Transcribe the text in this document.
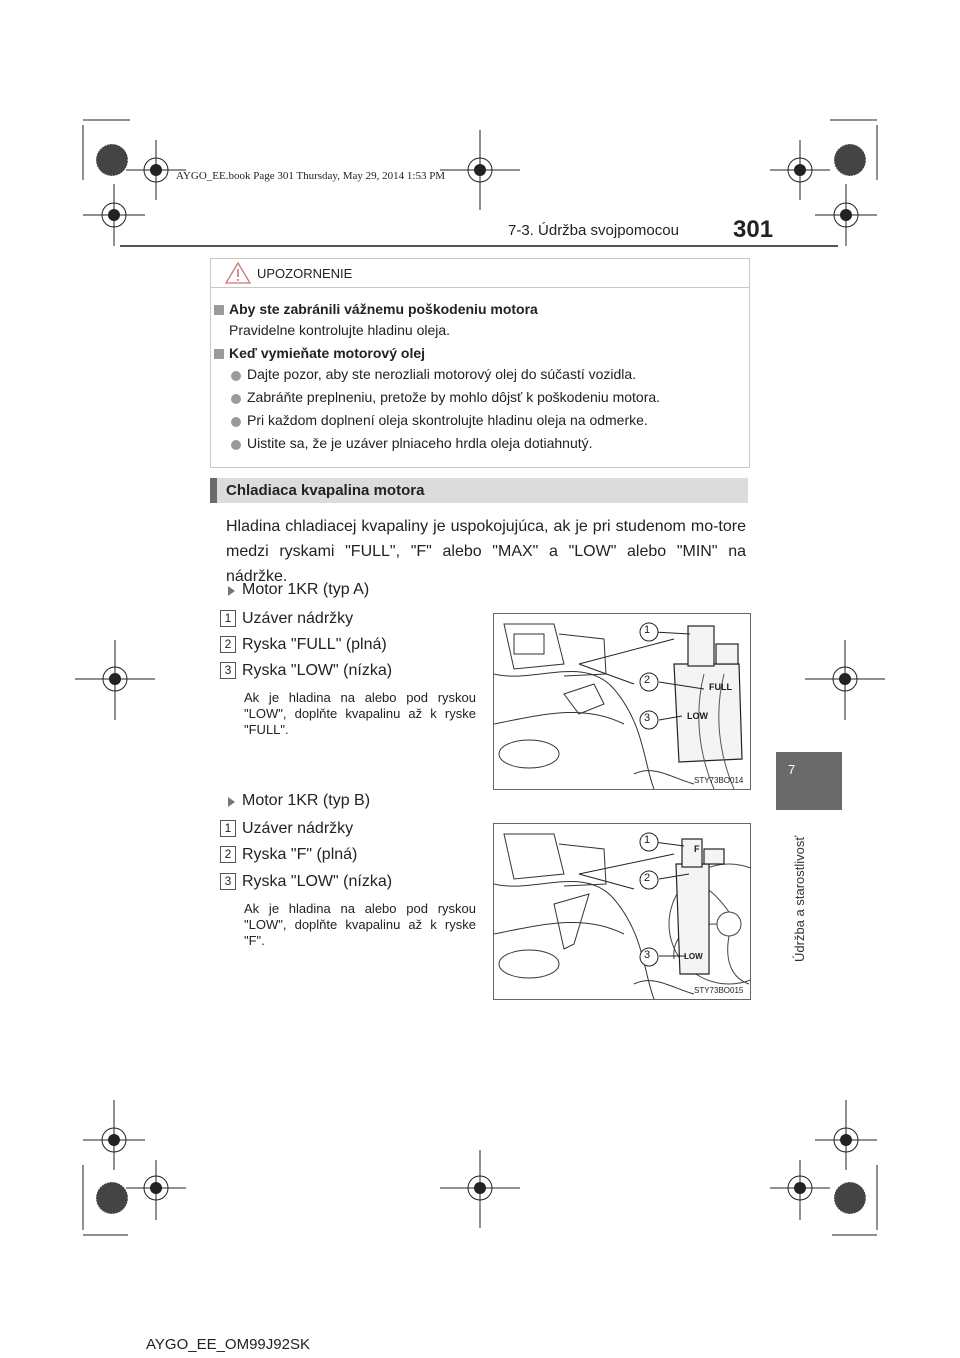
AYGO_EE.book Page 301 Thursday, May 29, 2014 1:53 PM
7-3. Údržba svojpomocou 301
7
Údržba a starostlivosť
UPOZORNENIE
Aby ste zabránili vážnemu poškodeniu motora
Pravidelne kontrolujte hladinu oleja.
Keď vymieňate motorový olej
Dajte pozor, aby ste nerozliali motorový olej do súčastí vozidla.
Zabráňte preplneniu, pretože by mohlo dôjsť k poškodeniu motora.
Pri každom doplnení oleja skontrolujte hladinu oleja na odmerke.
Uistite sa, že je uzáver plniaceho hrdla oleja dotiahnutý.
Chladiaca kvapalina motora
Hladina chladiacej kvapaliny je uspokojujúca, ak je pri studenom mo-tore medzi ryskami "FULL", "F" alebo "MAX" a "LOW" alebo "MIN" na nádržke.
Motor 1KR (typ A)
1 Uzáver nádržky
2 Ryska "FULL" (plná)
3 Ryska "LOW" (nízka)
Ak je hladina na alebo pod ryskou "LOW", doplňte kvapalinu až k ryske "FULL".
1
2
3
FULL
LOW
STY73BO014
Motor 1KR (typ B)
1 Uzáver nádržky
2 Ryska "F" (plná)
3 Ryska "LOW" (nízka)
Ak je hladina na alebo pod ryskou "LOW", doplňte kvapalinu až k ryske "F".
1
2
3
F
LOW
STY73BO015
AYGO_EE_OM99J92SK
